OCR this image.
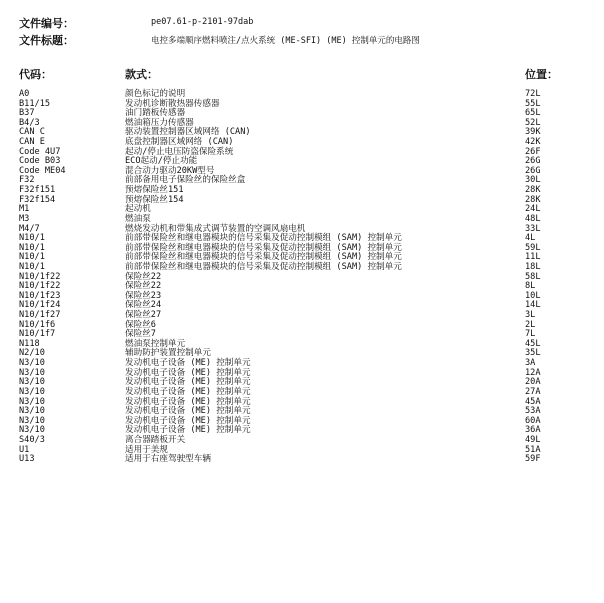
文件编号：	pe07.61-p-2101-97dab
文件标题：	电控多端顺序燃料喷注/点火系统 (ME-SFI) (ME) 控制单元的电路图
代码：	款式：	位置：
A0	颜色标记的说明	72L
B11/15	发动机诊断散热器传感器	55L
B37	油门踏板传感器	65L
B4/3	燃油箱压力传感器	52L
CAN C	驱动装置控制器区域网络 (CAN)	39K
CAN E	底盘控制器区域网络 (CAN)	42K
Code 4U7	起动/停止电压防盗保险系统	26F
Code B03	ECO起动/停止功能	26G
Code ME04	混合动力驱动20KW型号	26G
F32	前部备用电子保险丝的保险丝盒	30L
F32f151	预熔保险丝151	28K
F32f154	预熔保险丝154	28K
M1	起动机	24L
M3	燃油泵	48L
M4/7	燃烧发动机和带集成式调节装置的空调风扇电机	33L
N10/1	前部带保险丝和继电器模块的信号采集及促动控制模组 (SAM) 控制单元	4L
N10/1	前部带保险丝和继电器模块的信号采集及促动控制模组 (SAM) 控制单元	59L
N10/1	前部带保险丝和继电器模块的信号采集及促动控制模组 (SAM) 控制单元	11L
N10/1	前部带保险丝和继电器模块的信号采集及促动控制模组 (SAM) 控制单元	18L
N10/1f22	保险丝22	58L
N10/1f22	保险丝22	8L
N10/1f23	保险丝23	10L
N10/1f24	保险丝24	14L
N10/1f27	保险丝27	3L
N10/1f6	保险丝6	2L
N10/1f7	保险丝7	7L
N118	燃油泵控制单元	45L
N2/10	辅助防护装置控制单元	35L
N3/10	发动机电子设备 (ME) 控制单元	3A
N3/10	发动机电子设备 (ME) 控制单元	12A
N3/10	发动机电子设备 (ME) 控制单元	20A
N3/10	发动机电子设备 (ME) 控制单元	27A
N3/10	发动机电子设备 (ME) 控制单元	45A
N3/10	发动机电子设备 (ME) 控制单元	53A
N3/10	发动机电子设备 (ME) 控制单元	60A
N3/10	发动机电子设备 (ME) 控制单元	36A
S40/3	离合器踏板开关	49L
U1	适用于美规	51A
U13	适用于右座驾驶型车辆	59F
